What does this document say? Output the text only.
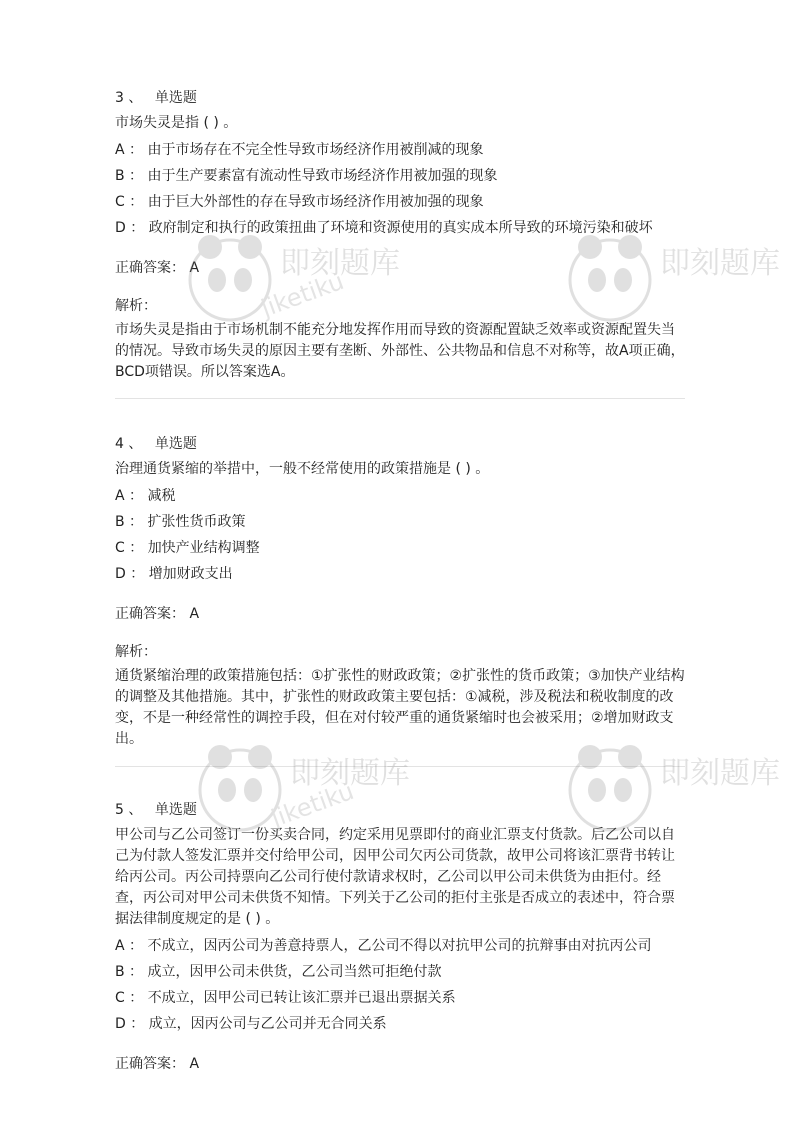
3 、 单选题
市场失灵是指 ( ) 。
A ： 由于市场存在不完全性导致市场经济作用被削减的现象
B ： 由于生产要素富有流动性导致市场经济作用被加强的现象
C ： 由于巨大外部性的存在导致市场经济作用被加强的现象
D ： 政府制定和执行的政策扭曲了环境和资源使用的真实成本所导致的环境污染和破坏
正确答案： A
解析：
市场失灵是指由于市场机制不能充分地发挥作用而导致的资源配置缺乏效率或资源配置失当的情况。导致市场失灵的原因主要有垄断、外部性、公共物品和信息不对称等，故A项正确，BCD项错误。所以答案选A。
4 、 单选题
治理通货紧缩的举措中，一般不经常使用的政策措施是 ( ) 。
A ： 减税
B ： 扩张性货币政策
C ： 加快产业结构调整
D ： 增加财政支出
正确答案： A
解析：
通货紧缩治理的政策措施包括：①扩张性的财政政策；②扩张性的货币政策；③加快产业结构的调整及其他措施。其中，扩张性的财政政策主要包括：①减税，涉及税法和税收制度的改变，不是一种经常性的调控手段，但在对付较严重的通货紧缩时也会被采用；②增加财政支出。
5 、 单选题
甲公司与乙公司签订一份买卖合同，约定采用见票即付的商业汇票支付货款。后乙公司以自己为付款人签发汇票并交付给甲公司，因甲公司欠丙公司货款，故甲公司将该汇票背书转让给丙公司。丙公司持票向乙公司行使付款请求权时，乙公司以甲公司未供货为由拒付。经查，丙公司对甲公司未供货不知情。下列关于乙公司的拒付主张是否成立的表述中，符合票据法律制度规定的是 ( ) 。
A ： 不成立，因丙公司为善意持票人，乙公司不得以对抗甲公司的抗辩事由对抗丙公司
B ： 成立，因甲公司未供货，乙公司当然可拒绝付款
C ： 不成立，因甲公司已转让该汇票并已退出票据关系
D ： 成立，因丙公司与乙公司并无合同关系
正确答案： A
即刻题库
jiketiku
即刻题库
即刻题库
jiketiku
即刻题库
